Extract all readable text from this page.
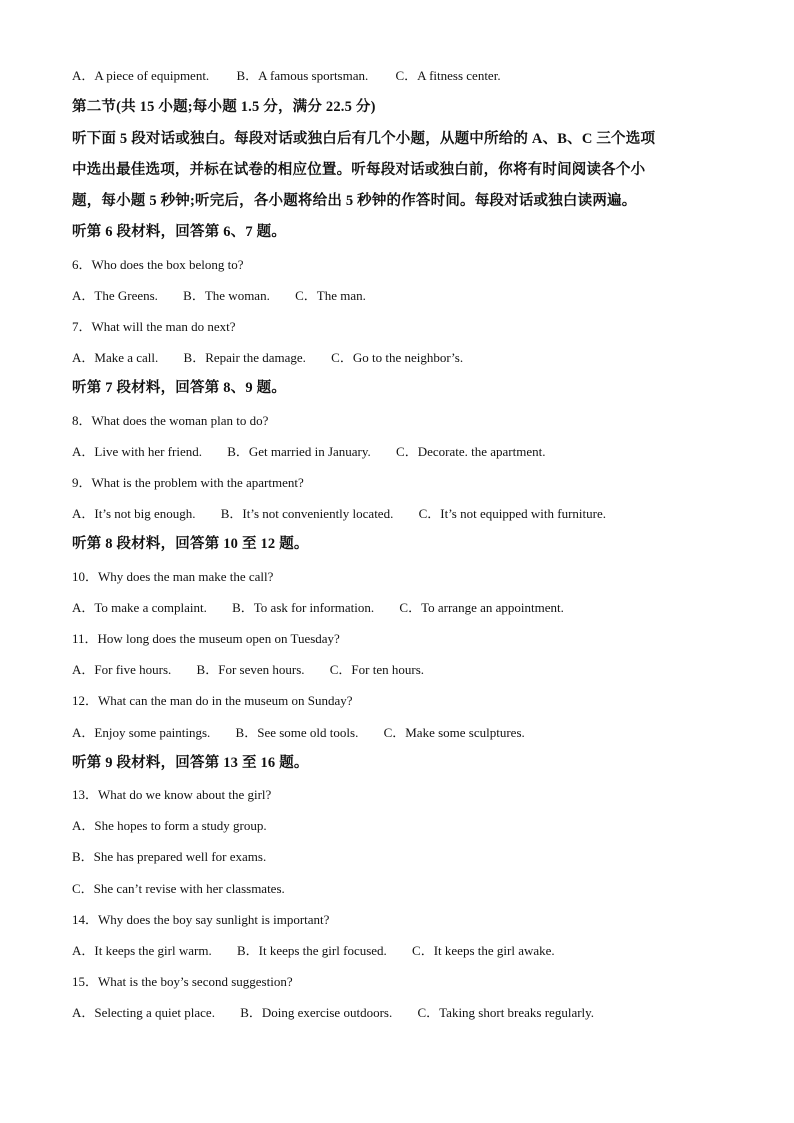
A．A piece of equipment. B．A famous sportsman. C．A fitness center.
第二节(共 15 小题;每小题 1.5 分，满分 22.5 分)
听下面 5 段对话或独白。每段对话或独白后有几个小题，从题中所给的 A、B、C 三个选项
中选出最佳选项，并标在试卷的相应位置。听每段对话或独白前，你将有时间阅读各个小
题，每小题 5 秒钟;听完后，各小题将给出 5 秒钟的作答时间。每段对话或独白读两遍。
听第 6 段材料，回答第 6、7 题。
6．Who does the box belong to?
A．The Greens. B．The woman. C．The man.
7．What will the man do next?
A．Make a call. B．Repair the damage. C．Go to the neighbor’s.
听第 7 段材料，回答第 8、9 题。
8．What does the woman plan to do?
A．Live with her friend. B．Get married in January. C．Decorate. the apartment.
9．What is the problem with the apartment?
A．It’s not big enough. B．It’s not conveniently located. C．It’s not equipped with furniture.
听第 8 段材料，回答第 10 至 12 题。
10．Why does the man make the call?
A．To make a complaint. B．To ask for information. C．To arrange an appointment.
11．How long does the museum open on Tuesday?
A．For five hours. B．For seven hours. C．For ten hours.
12．What can the man do in the museum on Sunday?
A．Enjoy some paintings. B．See some old tools. C．Make some sculptures.
听第 9 段材料，回答第 13 至 16 题。
13．What do we know about the girl?
A．She hopes to form a study group.
B．She has prepared well for exams.
C．She can’t revise with her classmates.
14．Why does the boy say sunlight is important?
A．It keeps the girl warm. B．It keeps the girl focused. C．It keeps the girl awake.
15．What is the boy’s second suggestion?
A．Selecting a quiet place. B．Doing exercise outdoors. C．Taking short breaks regularly.
